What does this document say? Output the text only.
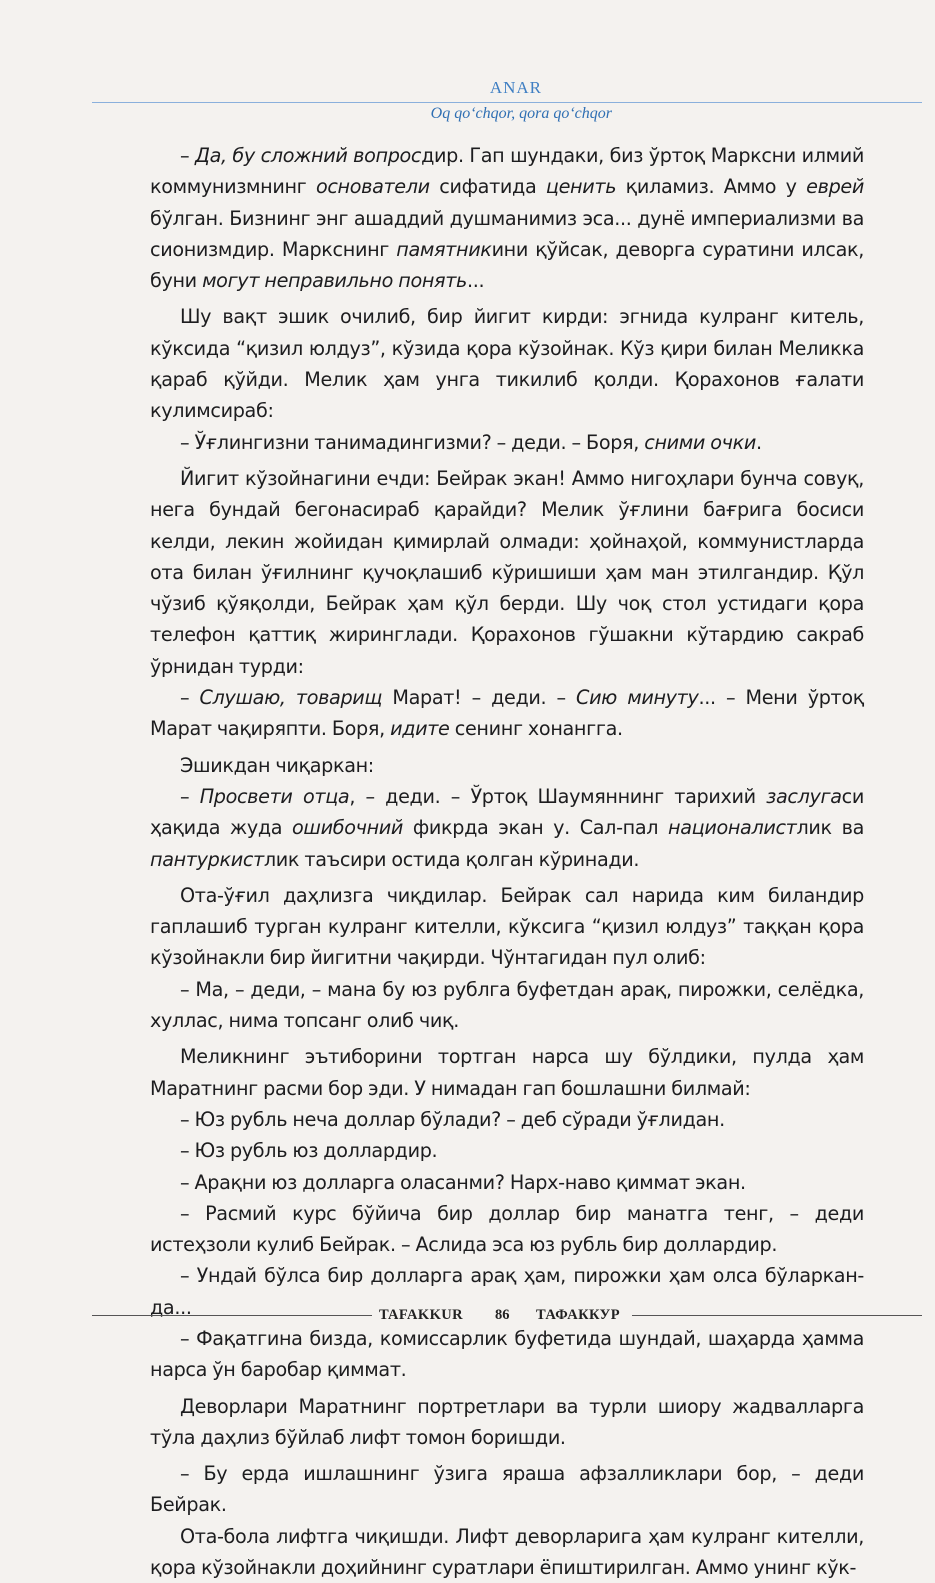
ANAR
Oq qo‘chqor, qora qo‘chqor

– Да, бу сложний вопросдир. Гап шундаки, биз ўртоқ Марксни илмий коммунизмнинг основатели сифатида ценить қиламиз. Аммо у еврей бўлган. Бизнинг энг ашаддий душманимиз эса... дунё империализми ва сионизмдир. Маркснинг памятникини қўйсак, деворга суратини илсак, буни могут неправильно понять...

Шу вақт эшик очилиб, бир йигит кирди: эгнида кулранг китель, кўксида “қизил юлдуз”, кўзида қора кўзойнак. Кўз қири билан Меликка қараб қўйди. Мелик ҳам унга тикилиб қолди. Қорахонов ғалати кулимсираб:

– Ўғлингизни танимадингизми? – деди. – Боря, сними очки.

Йигит кўзойнагини ечди: Бейрак экан! Аммо нигоҳлари бунча совуқ, нега бундай бегонасираб қарайди? Мелик ўғлини бағрига босиси келди, лекин жойидан қимирлай олмади: ҳойнаҳой, коммунистларда ота билан ўғилнинг қучоқлашиб кўришиши ҳам ман этилгандир. Қўл чўзиб қўяқолди, Бейрак ҳам қўл берди. Шу чоқ стол устидаги қора телефон қаттиқ жиринглади. Қорахонов гўшакни кўтардию сакраб ўрнидан турди:

– Слушаю, товарищ Марат! – деди. – Сию минуту... – Мени ўртоқ Марат чақиряпти. Боря, идите сенинг хонангга.

Эшикдан чиқаркан:

– Просвети отца, – деди. – Ўртоқ Шаумяннинг тарихий заслугаси ҳақида жуда ошибочний фикрда экан у. Сал-пал националистлик ва пантуркистлик таъсири остида қолган кўринади.

Ота-ўғил даҳлизга чиқдилар. Бейрак сал нарида ким биландир гаплашиб турган кулранг кителли, кўксига “қизил юлдуз” таққан қора кўзойнакли бир йигитни чақирди. Чўнтагидан пул олиб:

– Ма, – деди, – мана бу юз рублга буфетдан арақ, пирожки, селёдка, хуллас, нима топсанг олиб чиқ.

Меликнинг эътиборини тортган нарса шу бўлдики, пулда ҳам Маратнинг расми бор эди. У нимадан гап бошлашни билмай:

– Юз рубль неча доллар бўлади? – деб сўради ўғлидан.

– Юз рубль юз доллардир.

– Арақни юз долларга оласанми? Нарх-наво қиммат экан.

– Расмий курс бўйича бир доллар бир манатга тенг, – деди истеҳзоли кулиб Бейрак. – Аслида эса юз рубль бир доллардир.

– Ундай бўлса бир долларга арақ ҳам, пирожки ҳам олса бўларкан-да...

– Фақатгина бизда, комиссарлик буфетида шундай, шаҳарда ҳамма нарса ўн баробар қиммат.

Деворлари Маратнинг портретлари ва турли шиору жадвалларга тўла даҳлиз бўйлаб лифт томон боришди.

– Бу ерда ишлашнинг ўзига яраша афзалликлари бор, – деди Бейрак.

Ота-бола лифтга чиқишди. Лифт деворларига ҳам кулранг кителли, қора кўзойнакли доҳийнинг суратлари ёпиштирилган. Аммо унинг кўк-

TAFAKKUR 86 ТАФАККУР
